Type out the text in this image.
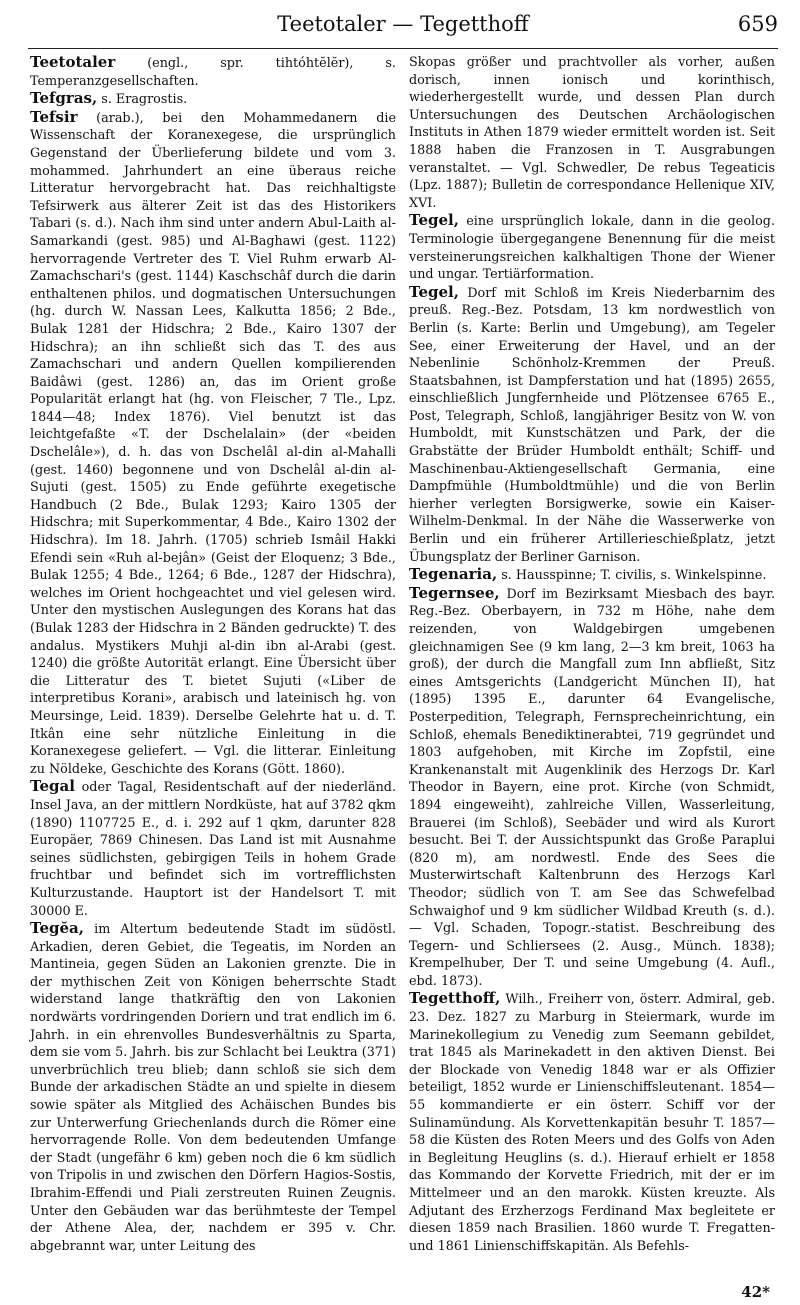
Teetotaler — Tegetthoff	659

Teetotaler (engl., spr. tihtóhtĕlĕr), s. Temperanzgesellschaften.

Tefgras, s. Eragrostis.

Tefsir (arab.), bei den Mohammedanern die Wissenschaft der Koranexegese, die ursprünglich Gegenstand der Überlieferung bildete und vom 3. mohammed. Jahrhundert an eine überaus reiche Litteratur hervorgebracht hat. Das reichhaltigste Tefsirwerk aus älterer Zeit ist das des Historikers Tabari (s. d.). Nach ihm sind unter andern Abul-Laith al-Samarkandi (gest. 985) und Al-Baghawi (gest. 1122) hervorragende Vertreter des T. Viel Ruhm erwarb Al-Zamachschari's (gest. 1144) Kaschschâf durch die darin enthaltenen philos. und dogmatischen Untersuchungen (hg. durch W. Nassan Lees, Kalkutta 1856; 2 Bde., Bulak 1281 der Hidschra; 2 Bde., Kairo 1307 der Hidschra); an ihn schließt sich das T. des aus Zamachschari und andern Quellen kompilierenden Baidâwi (gest. 1286) an, das im Orient große Popularität erlangt hat (hg. von Fleischer, 7 Tle., Lpz. 1844—48; Index 1876). Viel benutzt ist das leichtgefaßte «T. der Dschelalain» (der «beiden Dschelâle»), d. h. das von Dschelâl al-din al-Mahalli (gest. 1460) begonnene und von Dschelâl al-din al-Sujuti (gest. 1505) zu Ende geführte exegetische Handbuch (2 Bde., Bulak 1293; Kairo 1305 der Hidschra; mit Superkommentar, 4 Bde., Kairo 1302 der Hidschra). Im 18. Jahrh. (1705) schrieb Ismâil Hakki Efendi sein «Ruh al-bejân» (Geist der Eloquenz; 3 Bde., Bulak 1255; 4 Bde., 1264; 6 Bde., 1287 der Hidschra), welches im Orient hochgeachtet und viel gelesen wird. Unter den mystischen Auslegungen des Korans hat das (Bulak 1283 der Hidschra in 2 Bänden gedruckte) T. des andalus. Mystikers Muhji al-din ibn al-Arabi (gest. 1240) die größte Autorität erlangt. Eine Übersicht über die Litteratur des T. bietet Sujuti («Liber de interpretibus Korani», arabisch und lateinisch hg. von Meursinge, Leid. 1839). Derselbe Gelehrte hat u. d. T. Itkân eine sehr nützliche Einleitung in die Koranexegese geliefert. — Vgl. die litterar. Einleitung zu Nöldeke, Geschichte des Korans (Gött. 1860).

Tegal oder Tagal, Residentschaft auf der niederländ. Insel Java, an der mittlern Nordküste, hat auf 3782 qkm (1890) 1107725 E., d. i. 292 auf 1 qkm, darunter 828 Europäer, 7869 Chinesen. Das Land ist mit Ausnahme seines südlichsten, gebirgigen Teils in hohem Grade fruchtbar und befindet sich im vortrefflichsten Kulturzustande. Hauptort ist der Handelsort T. mit 30000 E.

Tegĕa, im Altertum bedeutende Stadt im südöstl. Arkadien, deren Gebiet, die Tegeatis, im Norden an Mantineia, gegen Süden an Lakonien grenzte. Die in der mythischen Zeit von Königen beherrschte Stadt widerstand lange thatkräftig den von Lakonien nordwärts vordringenden Doriern und trat endlich im 6. Jahrh. in ein ehrenvolles Bundesverhältnis zu Sparta, dem sie vom 5. Jahrh. bis zur Schlacht bei Leuktra (371) unverbrüchlich treu blieb; dann schloß sie sich dem Bunde der arkadischen Städte an und spielte in diesem sowie später als Mitglied des Achäischen Bundes bis zur Unterwerfung Griechenlands durch die Römer eine hervorragende Rolle. Von dem bedeutenden Umfange der Stadt (ungefähr 6 km) geben noch die 6 km südlich von Tripolis in und zwischen den Dörfern Hagios-Sostis, Ibrahim-Effendi und Piali zerstreuten Ruinen Zeugnis. Unter den Gebäuden war das berühmteste der Tempel der Athene Alea, der, nachdem er 395 v. Chr. abgebrannt war, unter Leitung des

Skopas größer und prachtvoller als vorher, außen dorisch, innen ionisch und korinthisch, wiederhergestellt wurde, und dessen Plan durch Untersuchungen des Deutschen Archäologischen Instituts in Athen 1879 wieder ermittelt worden ist. Seit 1888 haben die Franzosen in T. Ausgrabungen veranstaltet. — Vgl. Schwedler, De rebus Tegeaticis (Lpz. 1887); Bulletin de correspondance Hellenique XIV, XVI.

Tegel, eine ursprünglich lokale, dann in die geolog. Terminologie übergegangene Benennung für die meist versteinerungsreichen kalkhaltigen Thone der Wiener und ungar. Tertiärformation.

Tegel, Dorf mit Schloß im Kreis Niederbarnim des preuß. Reg.-Bez. Potsdam, 13 km nordwestlich von Berlin (s. Karte: Berlin und Umgebung), am Tegeler See, einer Erweiterung der Havel, und an der Nebenlinie Schönholz-Kremmen der Preuß. Staatsbahnen, ist Dampferstation und hat (1895) 2655, einschließlich Jungfernheide und Plötzensee 6765 E., Post, Telegraph, Schloß, langjähriger Besitz von W. von Humboldt, mit Kunstschätzen und Park, der die Grabstätte der Brüder Humboldt enthält; Schiff- und Maschinenbau-Aktiengesellschaft Germania, eine Dampfmühle (Humboldtmühle) und die von Berlin hierher verlegten Borsigwerke, sowie ein Kaiser-Wilhelm-Denkmal. In der Nähe die Wasserwerke von Berlin und ein früherer Artillerieschießplatz, jetzt Übungsplatz der Berliner Garnison.

Tegenaria, s. Hausspinne; T. civilis, s. Winkelspinne.

Tegernsee, Dorf im Bezirksamt Miesbach des bayr. Reg.-Bez. Oberbayern, in 732 m Höhe, nahe dem reizenden, von Waldgebirgen umgebenen gleichnamigen See (9 km lang, 2—3 km breit, 1063 ha groß), der durch die Mangfall zum Inn abfließt, Sitz eines Amtsgerichts (Landgericht München II), hat (1895) 1395 E., darunter 64 Evangelische, Posterpedition, Telegraph, Fernsprecheinrichtung, ein Schloß, ehemals Benediktinerabtei, 719 gegründet und 1803 aufgehoben, mit Kirche im Zopfstil, eine Krankenanstalt mit Augenklinik des Herzogs Dr. Karl Theodor in Bayern, eine prot. Kirche (von Schmidt, 1894 eingeweiht), zahlreiche Villen, Wasserleitung, Brauerei (im Schloß), Seebäder und wird als Kurort besucht. Bei T. der Aussichtspunkt das Große Paraplui (820 m), am nordwestl. Ende des Sees die Musterwirtschaft Kaltenbrunn des Herzogs Karl Theodor; südlich von T. am See das Schwefelbad Schwaighof und 9 km südlicher Wildbad Kreuth (s. d.). — Vgl. Schaden, Topogr.-statist. Beschreibung des Tegern- und Schliersees (2. Ausg., Münch. 1838); Krempelhuber, Der T. und seine Umgebung (4. Aufl., ebd. 1873).

Tegetthoff, Wilh., Freiherr von, österr. Admiral, geb. 23. Dez. 1827 zu Marburg in Steiermark, wurde im Marinekollegium zu Venedig zum Seemann gebildet, trat 1845 als Marinekadett in den aktiven Dienst. Bei der Blockade von Venedig 1848 war er als Offizier beteiligt, 1852 wurde er Linienschiffsleutenant. 1854—55 kommandierte er ein österr. Schiff vor der Sulinamündung. Als Korvettenkapitän besuhr T. 1857—58 die Küsten des Roten Meers und des Golfs von Aden in Begleitung Heuglins (s. d.). Hierauf erhielt er 1858 das Kommando der Korvette Friedrich, mit der er im Mittelmeer und an den marokk. Küsten kreuzte. Als Adjutant des Erzherzogs Ferdinand Max begleitete er diesen 1859 nach Brasilien. 1860 wurde T. Fregatten- und 1861 Linienschiffskapitän. Als Befehls-

42*
